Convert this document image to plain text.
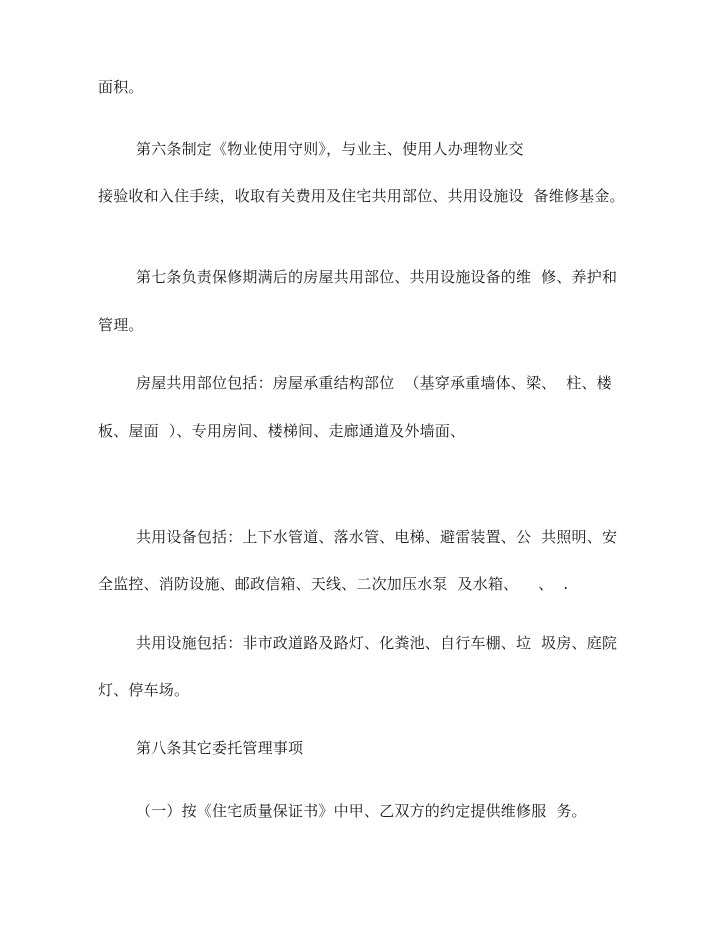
面积。
第六条制定《物业使用守则》，与业主、使用人办理物业交
接验收和入住手续，收取有关费用及住宅共用部位、共用设施设  备维修基金。
第七条负责保修期满后的房屋共用部位、共用设施设备的维  修、养护和
管理。
房屋共用部位包括：房屋承重结构部位  （基穿承重墙体、梁、  柱、楼
板、屋面  ）、专用房间、楼梯间、走廊通道及外墙面、
共用设备包括：上下水管道、落水管、电梯、避雷装置、公  共照明、安
全监控、消防设施、邮政信箱、天线、二次加压水泵  及水箱、    、  .
共用设施包括：非市政道路及路灯、化粪池、自行车棚、垃  圾房、庭院
灯、停车场。
第八条其它委托管理事项
（一）按《住宅质量保证书》中甲、乙双方的约定提供维修服  务。
